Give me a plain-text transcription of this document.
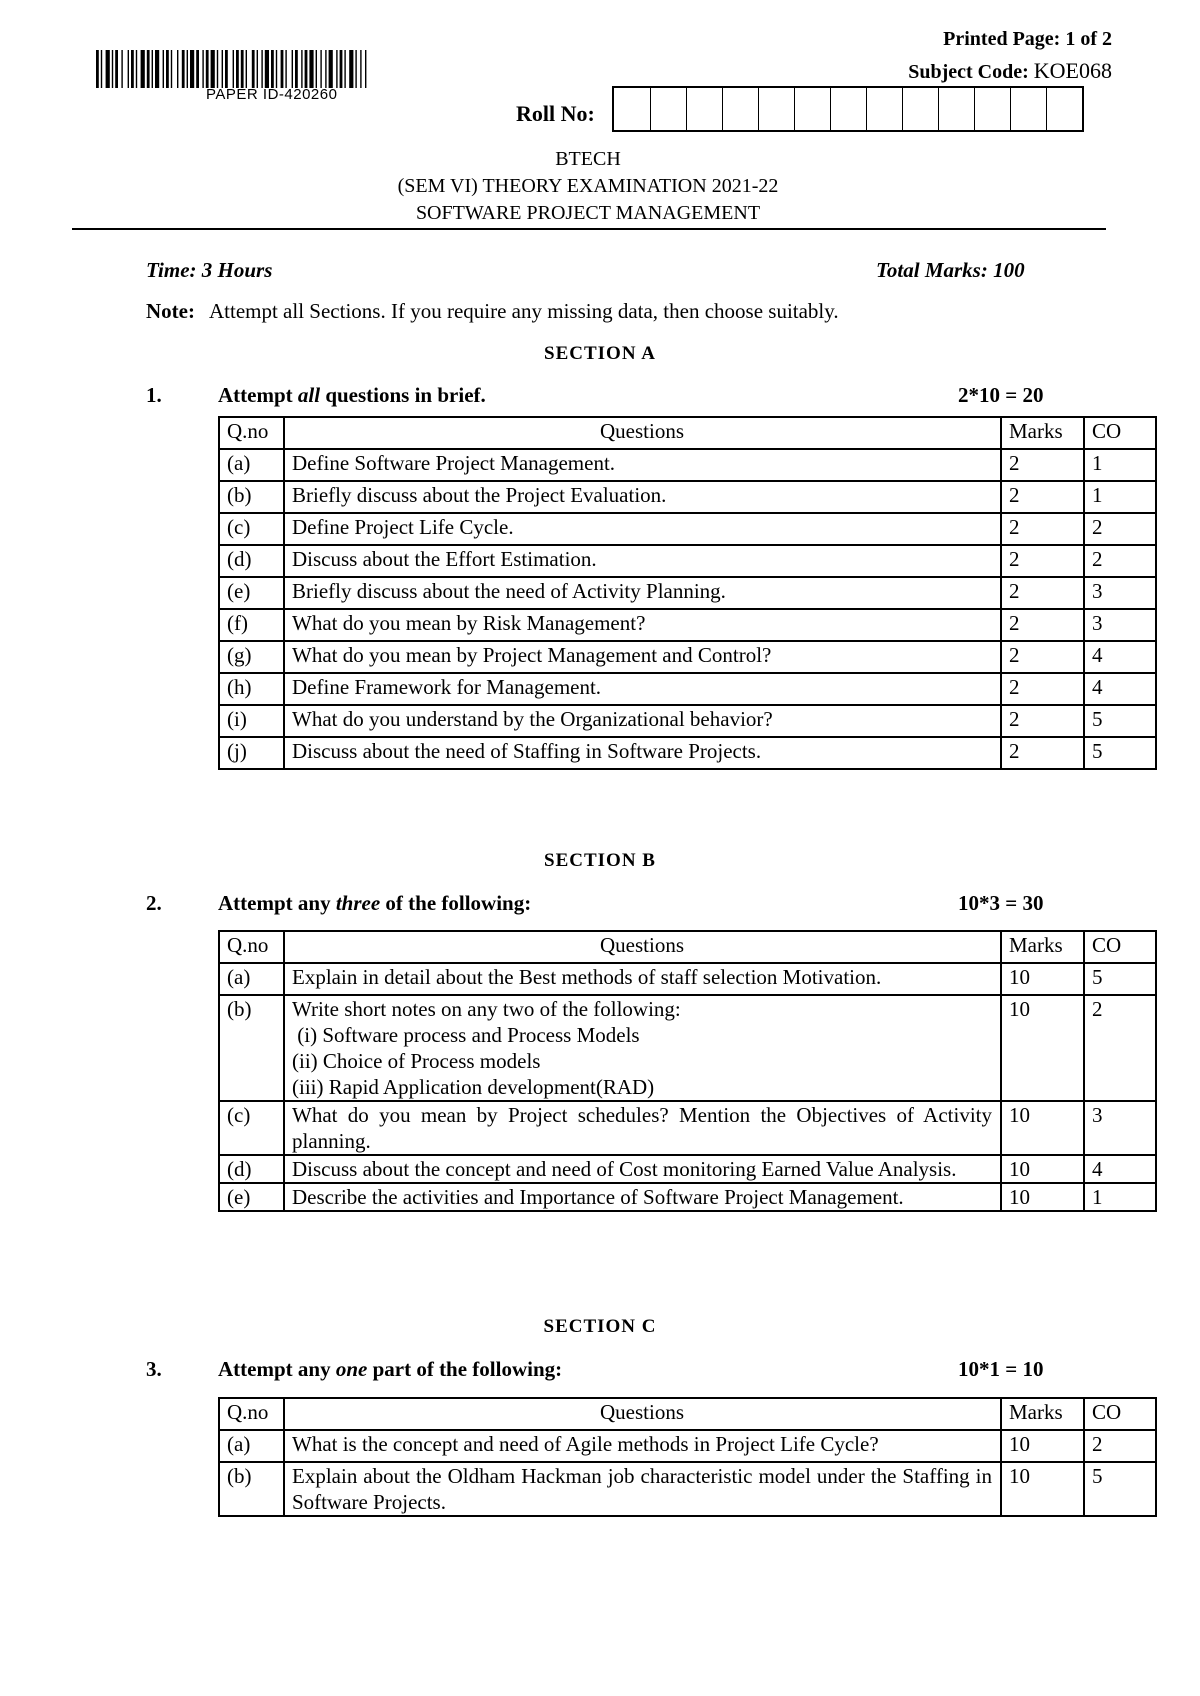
PAPER ID-420260
Printed Page: 1 of 2
Subject Code: KOE068
Roll No:
BTECH
(SEM VI) THEORY EXAMINATION 2021-22
SOFTWARE PROJECT MANAGEMENT
Time: 3 Hours	Total Marks: 100
Note: Attempt all Sections. If you require any missing data, then choose suitably.
SECTION A
1.	Attempt all questions in brief.	2*10 = 20
Q.no	Questions	Marks	CO
(a)	Define Software Project Management.	2	1
(b)	Briefly discuss about the Project Evaluation.	2	1
(c)	Define Project Life Cycle.	2	2
(d)	Discuss about the Effort Estimation.	2	2
(e)	Briefly discuss about the need of Activity Planning.	2	3
(f)	What do you mean by Risk Management?	2	3
(g)	What do you mean by Project Management and Control?	2	4
(h)	Define Framework for Management.	2	4
(i)	What do you understand by the Organizational behavior?	2	5
(j)	Discuss about the need of Staffing in Software Projects.	2	5
SECTION B
2.	Attempt any three of the following:	10*3 = 30
Q.no	Questions	Marks	CO
(a)	Explain in detail about the Best methods of staff selection Motivation.	10	5
(b)	Write short notes on any two of the following:
(i) Software process and Process Models
(ii) Choice of Process models
(iii) Rapid Application development(RAD)	10	2
(c)	What do you mean by Project schedules? Mention the Objectives of Activity planning.	10	3
(d)	Discuss about the concept and need of Cost monitoring Earned Value Analysis.	10	4
(e)	Describe the activities and Importance of Software Project Management.	10	1
SECTION C
3.	Attempt any one part of the following:	10*1 = 10
Q.no	Questions	Marks	CO
(a)	What is the concept and need of Agile methods in Project Life Cycle?	10	2
(b)	Explain about the Oldham Hackman job characteristic model under the Staffing in Software Projects.	10	5
